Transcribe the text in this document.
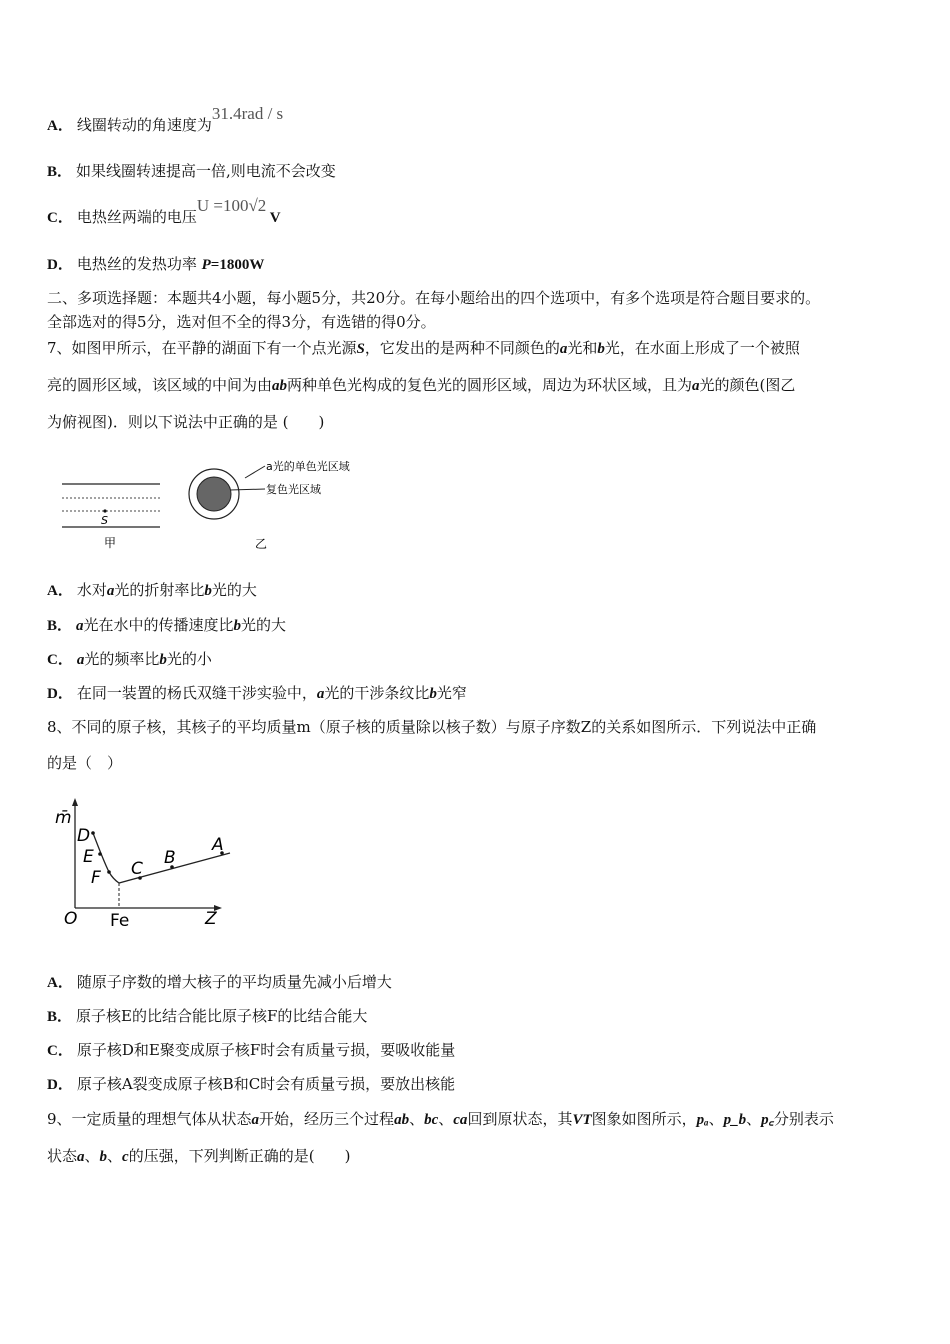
A． 线圈转动的角速度为31.4rad / s
B． 如果线圈转速提高一倍,则电流不会改变
C． 电热丝两端的电压U =100√2 V
D． 电热丝的发热功率 P=1800W
二、多项选择题：本题共4小题，每小题5分，共20分。在每小题给出的四个选项中，有多个选项是符合题目要求的。
全部选对的得5分，选对但不全的得3分，有选错的得0分。
7、如图甲所示，在平静的湖面下有一个点光源S，它发出的是两种不同颜色的a光和b光，在水面上形成了一个被照
亮的圆形区域，该区域的中间为由ab两种单色光构成的复色光的圆形区域，周边为环状区域，且为a光的颜色(图乙
为俯视图)．则以下说法中正确的是 (　　)
A． 水对a光的折射率比b光的大
B． a光在水中的传播速度比b光的大
C． a光的频率比b光的小
D． 在同一装置的杨氏双缝干涉实验中，a光的干涉条纹比b光窄
8、不同的原子核，其核子的平均质量m（原子核的质量除以核子数）与原子序数Z的关系如图所示．下列说法中正确
的是（　）
A． 随原子序数的增大核子的平均质量先减小后增大
B． 原子核E的比结合能比原子核F的比结合能大
C． 原子核D和E聚变成原子核F时会有质量亏损，要吸收能量
D． 原子核A裂变成原子核B和C时会有质量亏损，要放出核能
9、一定质量的理想气体从状态a开始，经历三个过程ab、bc、ca回到原状态，其VT图象如图所示，pₐ、p_b、p꜀分别表示
状态a、b、c的压强，下列判断正确的是(　　)
S
甲
a光的单色光区域
复色光区域
乙
D
E
F C
B
A
m̄
O	Z
Fe
